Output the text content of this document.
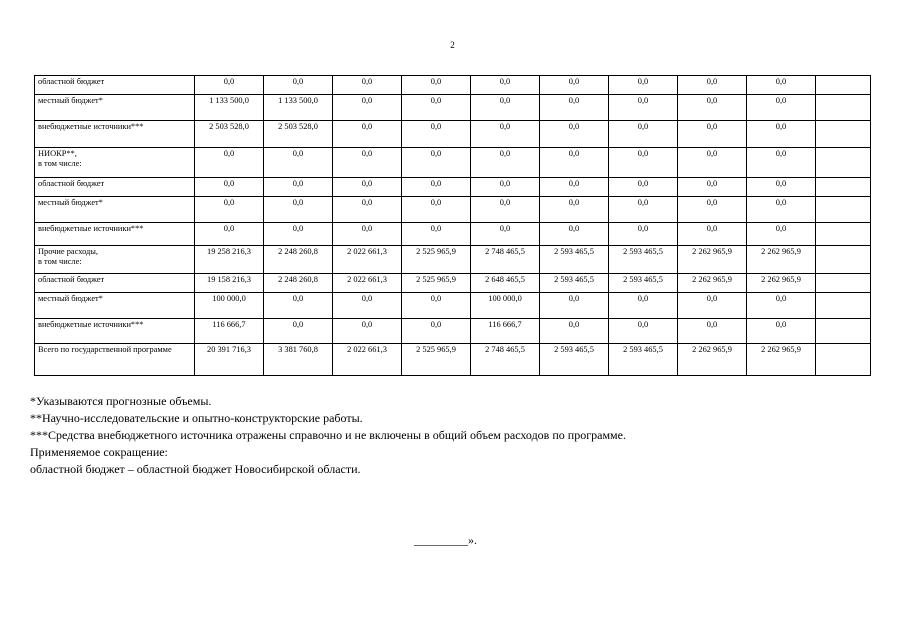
2
областной бюджет	0,0	0,0	0,0	0,0	0,0	0,0	0,0	0,0	0,0	
местный бюджет*	1 133 500,0	1 133 500,0	0,0	0,0	0,0	0,0	0,0	0,0	0,0	
внебюджетные источники***	2 503 528,0	2 503 528,0	0,0	0,0	0,0	0,0	0,0	0,0	0,0	
НИОКР**,
в том числе:	0,0	0,0	0,0	0,0	0,0	0,0	0,0	0,0	0,0	
областной бюджет	0,0	0,0	0,0	0,0	0,0	0,0	0,0	0,0	0,0	
местный бюджет*	0,0	0,0	0,0	0,0	0,0	0,0	0,0	0,0	0,0	
внебюджетные источники***	0,0	0,0	0,0	0,0	0,0	0,0	0,0	0,0	0,0	
Прочие расходы,
в том числе:	19 258 216,3	2 248 260,8	2 022 661,3	2 525 965,9	2 748 465,5	2 593 465,5	2 593 465,5	2 262 965,9	2 262 965,9	
областной бюджет	19 158 216,3	2 248 260,8	2 022 661,3	2 525 965,9	2 648 465,5	2 593 465,5	2 593 465,5	2 262 965,9	2 262 965,9	
местный бюджет*	100 000,0	0,0	0,0	0,0	100 000,0	0,0	0,0	0,0	0,0	
внебюджетные источники***	116 666,7	0,0	0,0	0,0	116 666,7	0,0	0,0	0,0	0,0	
Всего по государственной программе	20 391 716,3	3 381 760,8	2 022 661,3	2 525 965,9	2 748 465,5	2 593 465,5	2 593 465,5	2 262 965,9	2 262 965,9	
*Указываются прогнозные объемы.
**Научно-исследовательские и опытно-конструкторские работы.
***Средства внебюджетного источника отражены справочно и не включены в общий объем расходов по программе.
Применяемое сокращение:
областной бюджет – областной бюджет Новосибирской области.
_________».
